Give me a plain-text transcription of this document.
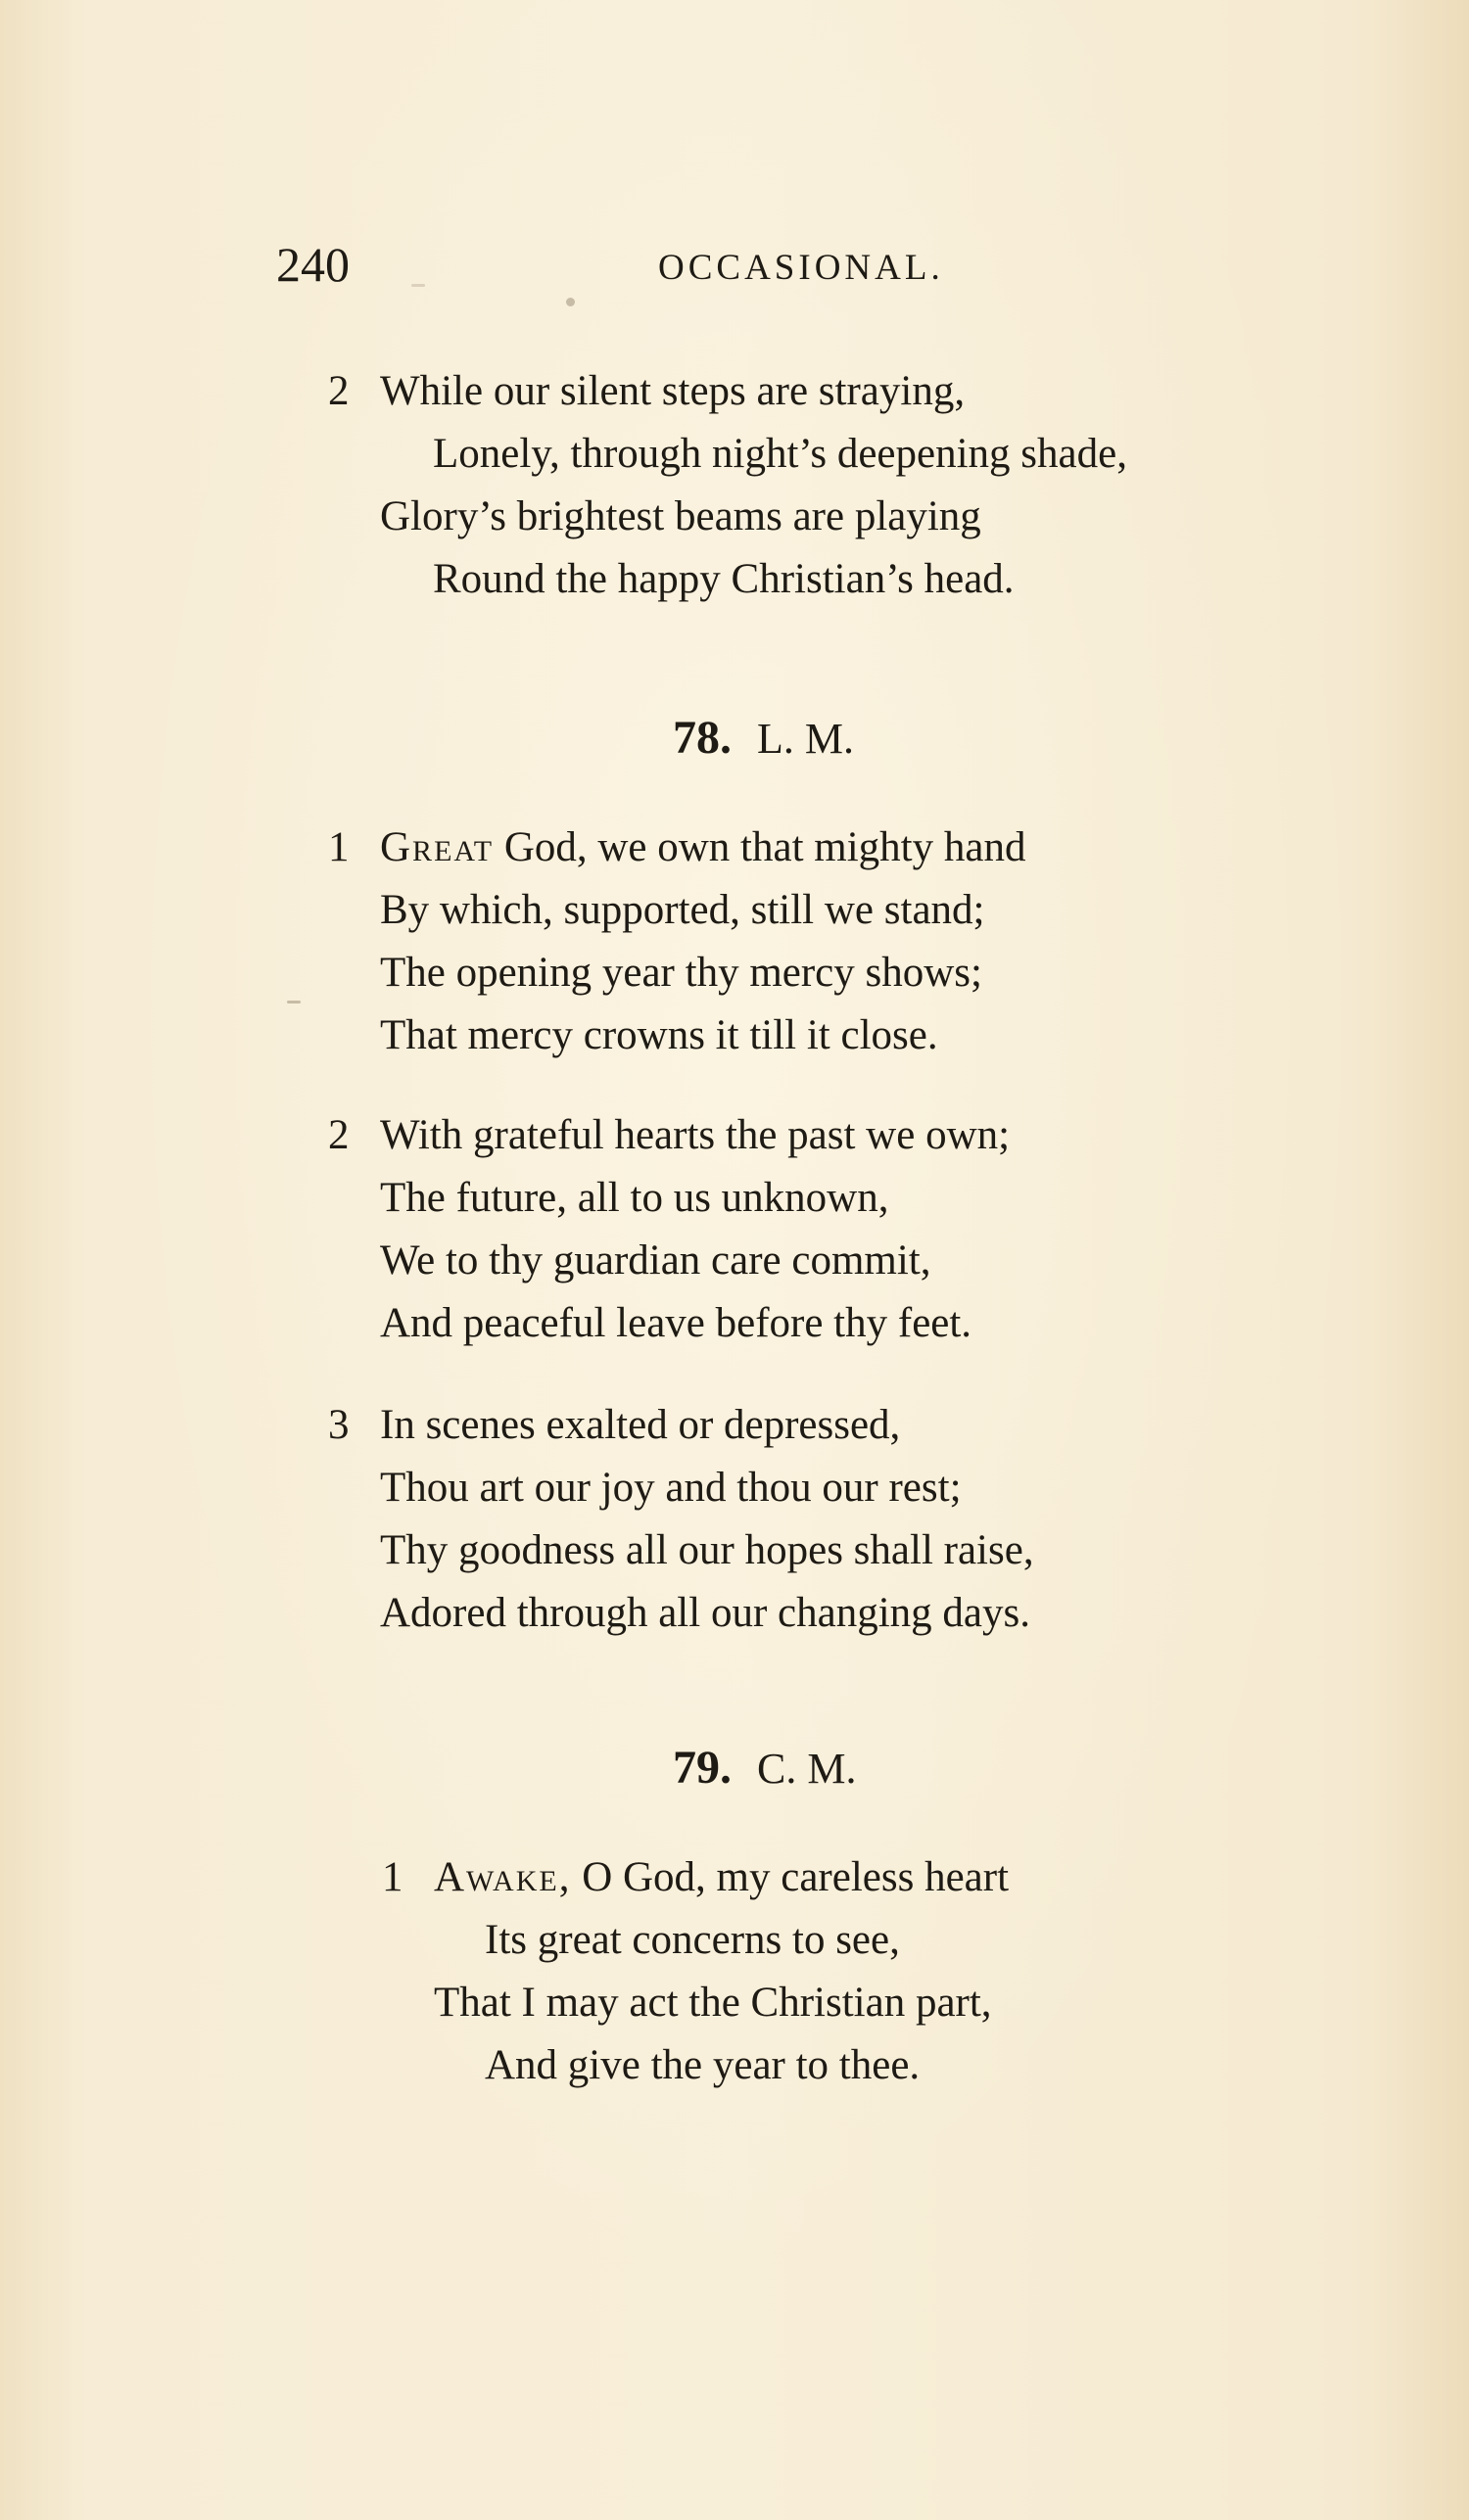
240	OCCASIONAL.
2 While our silent steps are straying,
Lonely, through night’s deepening shade,
Glory’s brightest beams are playing
Round the happy Christian’s head.
78. L. M.
1 Great God, we own that mighty hand
By which, supported, still we stand;
The opening year thy mercy shows;
That mercy crowns it till it close.
2 With grateful hearts the past we own;
The future, all to us unknown,
We to thy guardian care commit,
And peaceful leave before thy feet.
3 In scenes exalted or depressed,
Thou art our joy and thou our rest;
Thy goodness all our hopes shall raise,
Adored through all our changing days.
79. C. M.
1 Awake, O God, my careless heart
Its great concerns to see,
That I may act the Christian part,
And give the year to thee.
